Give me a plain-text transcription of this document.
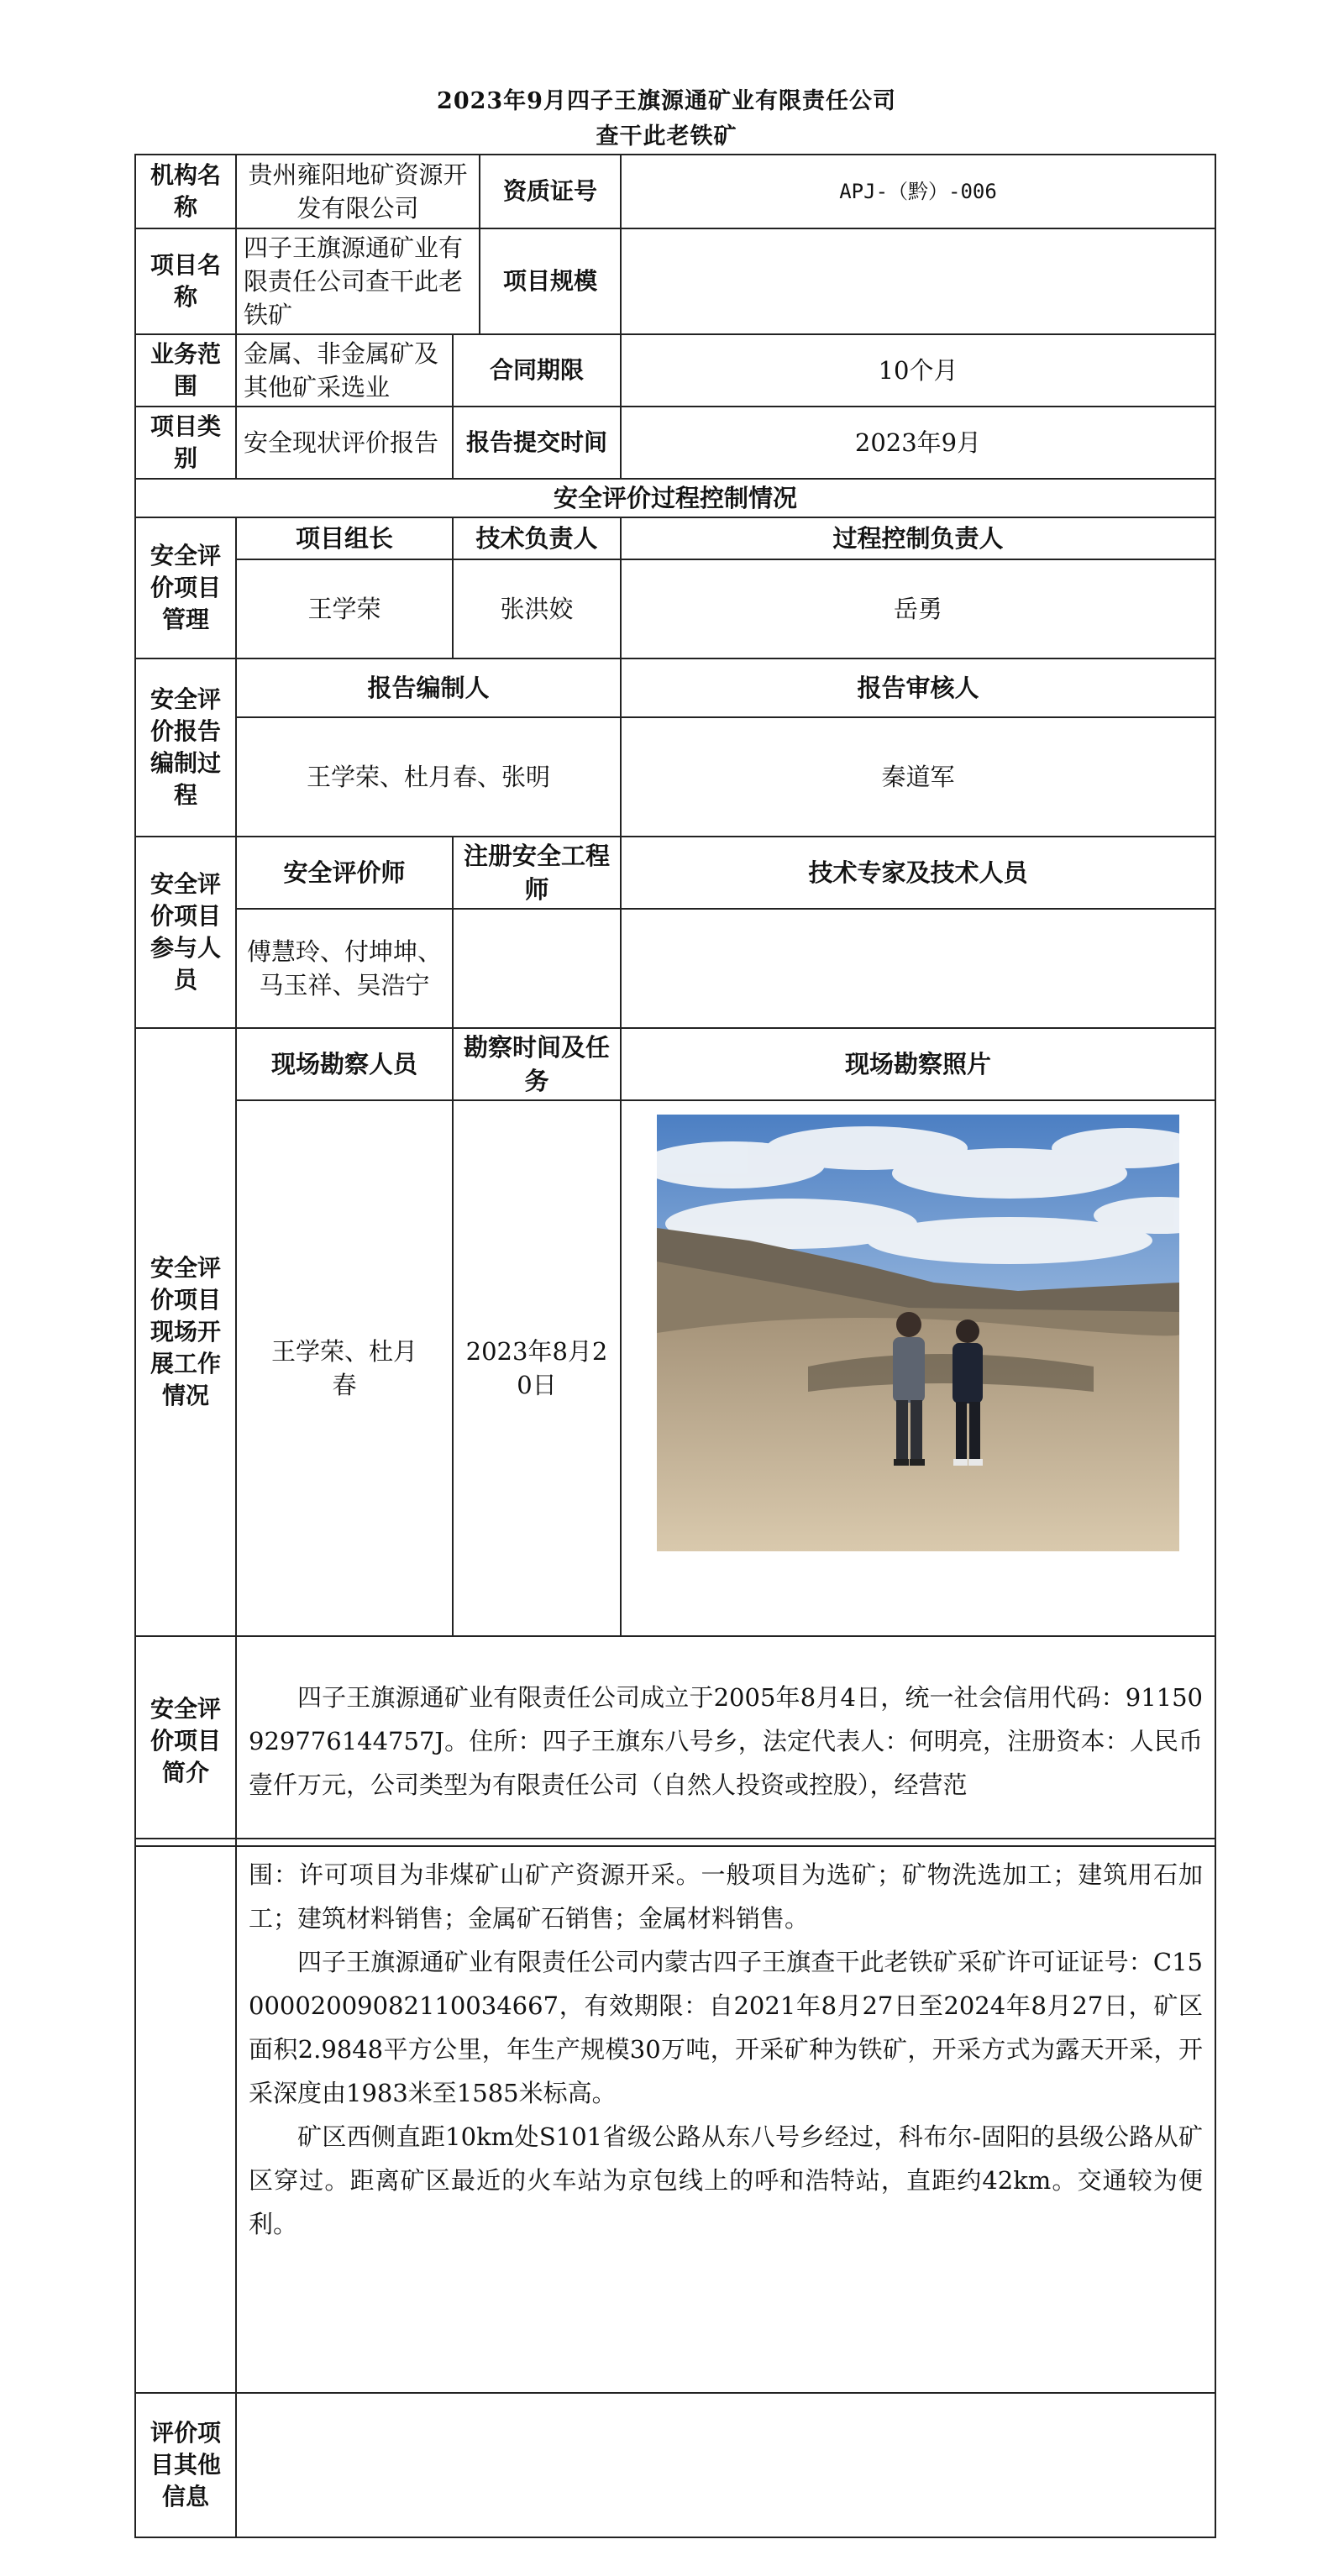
2023年9月四子王旗源通矿业有限责任公司
查干此老铁矿
机构名称	贵州雍阳地矿资源开发有限公司		资质证号	APJ-（黔）-006
项目名称	四子王旗源通矿业有限责任公司查干此老铁矿		项目规模	
业务范围	金属、非金属矿及其他矿采选业	合同期限		10个月
项目类别	安全现状评价报告	报告提交时间		2023年9月
安全评价过程控制情况				
安全评价项目管理	项目组长	技术负责人		过程控制负责人
	王学荣	张洪姣		岳勇
安全评价报告编制过程	报告编制人			报告审核人
	王学荣、杜月春、张明			秦道军
安全评价项目参与人员	安全评价师	注册安全工程师		技术专家及技术人员
	傅慧玲、付坤坤、马玉祥、吴浩宁			
安全评价项目现场开展工作情况	现场勘察人员	勘察时间及任务		现场勘察照片
	王学荣、杜月春	2023年8月20日	

安全评价项目简介	四子王旗源通矿业有限责任公司成立于2005年8月4日，统一社会信用代码：91150929776144757J。住所：四子王旗东八号乡，法定代表人：何明亮，注册资本：人民币壹仟万元，公司类型为有限责任公司（自然人投资或控股），经营范			

	围：许可项目为非煤矿山矿产资源开采。一般项目为选矿；矿物洗选加工；建筑用石加工；建筑材料销售；金属矿石销售；金属材料销售。

四子王旗源通矿业有限责任公司内蒙古四子王旗查干此老铁矿采矿许可证证号：C1500002009082110034667，有效期限：自2021年8月27日至2024年8月27日，矿区面积2.9848平方公里，年生产规模30万吨，开采矿种为铁矿，开采方式为露天开采，开采深度由1983米至1585米标高。

矿区西侧直距10km处S101省级公路从东八号乡经过，科布尔-固阳的县级公路从矿区穿过。距离矿区最近的火车站为京包线上的呼和浩特站，直距约42km。交通较为便利。

评价项目其他信息	
